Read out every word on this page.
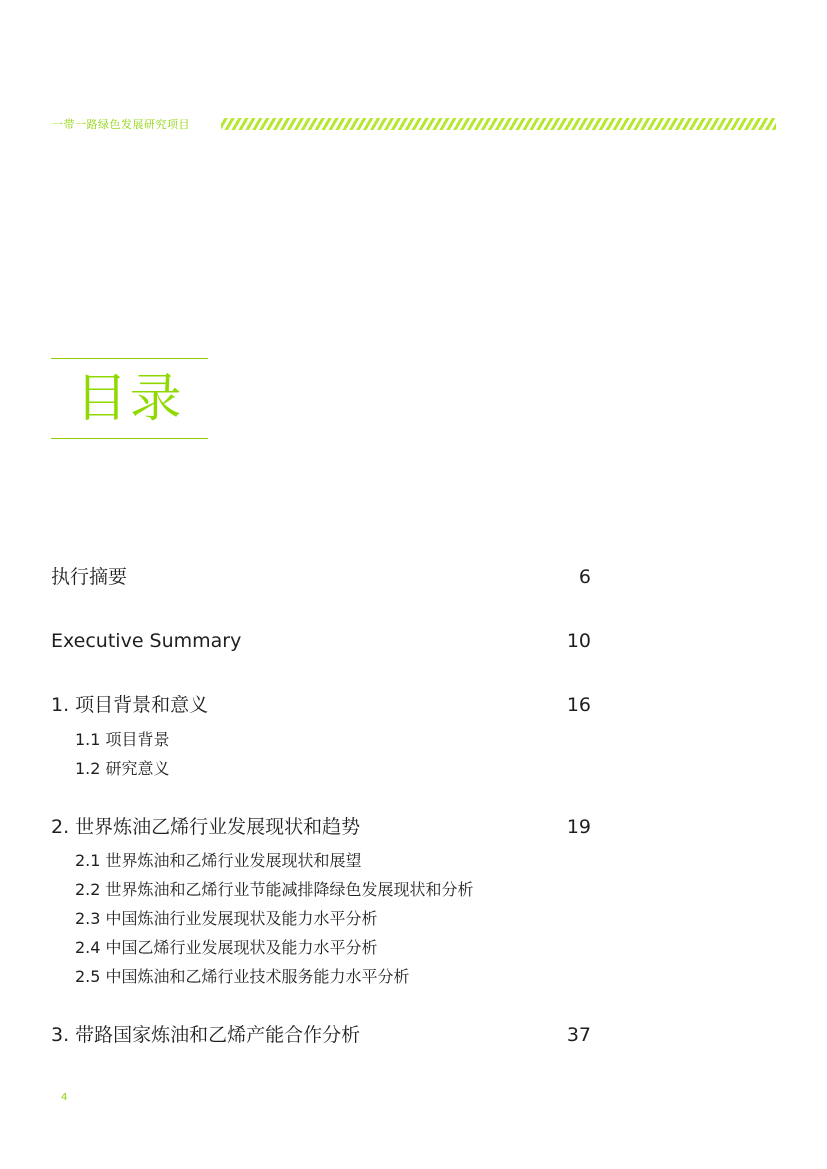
一带一路绿色发展研究项目
目录
执行摘要	6
Executive Summary	10
1. 项目背景和意义	16
1.1 项目背景
1.2 研究意义
2. 世界炼油乙烯行业发展现状和趋势	19
2.1 世界炼油和乙烯行业发展现状和展望
2.2 世界炼油和乙烯行业节能减排降绿色发展现状和分析
2.3 中国炼油行业发展现状及能力水平分析
2.4 中国乙烯行业发展现状及能力水平分析
2.5 中国炼油和乙烯行业技术服务能力水平分析
3. 带路国家炼油和乙烯产能合作分析	37
4
